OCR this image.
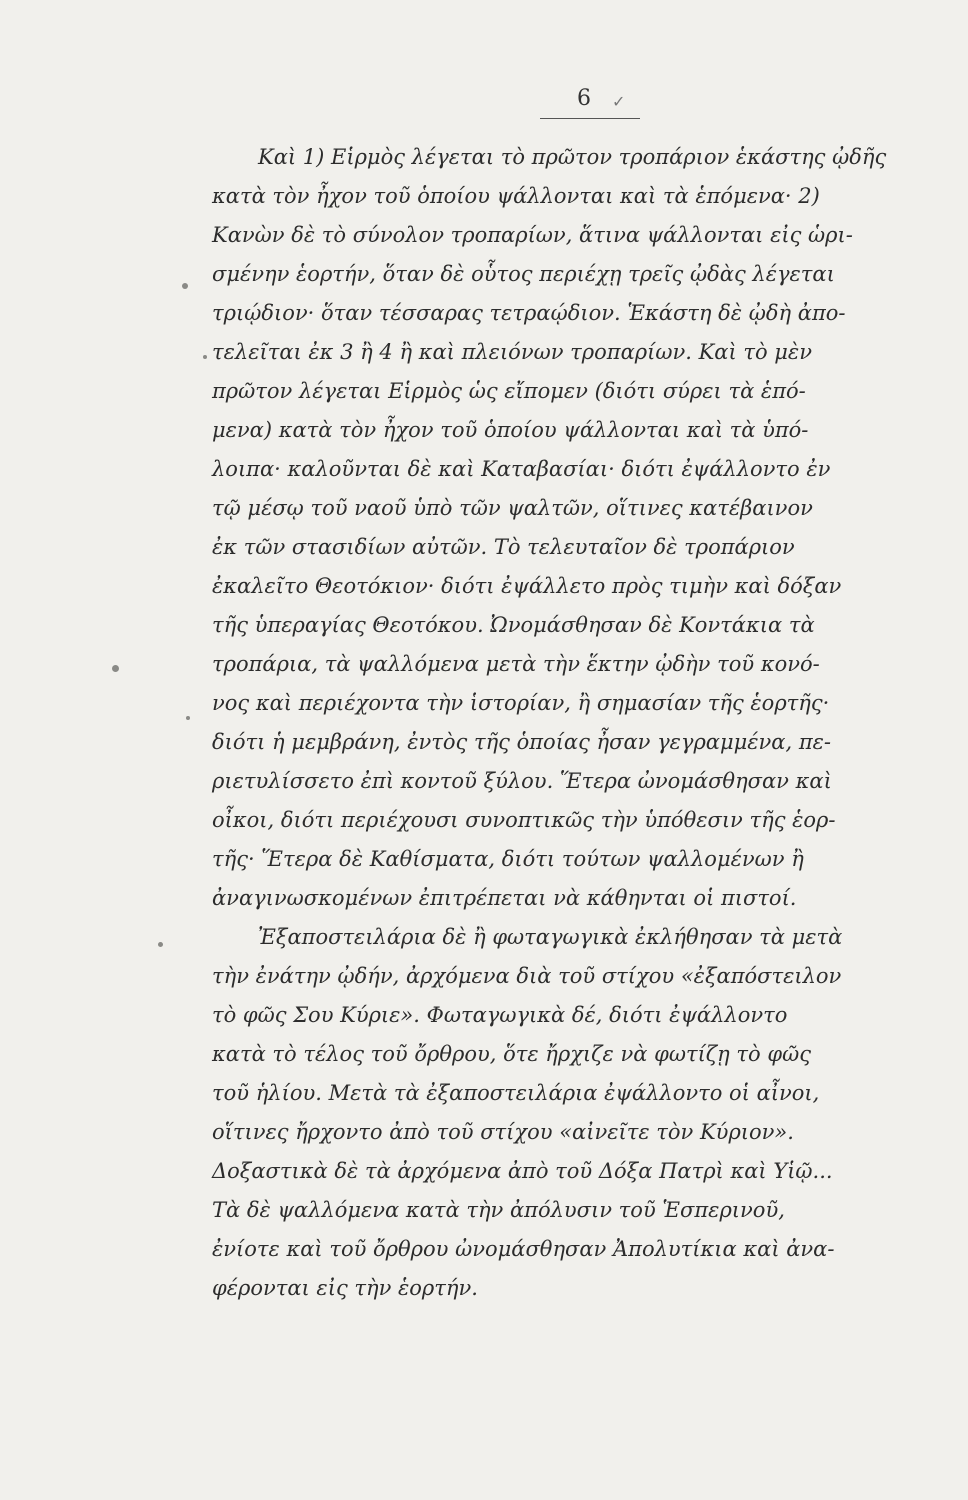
6 ✓
Καὶ 1) Εἱρμὸς λέγεται τὸ πρῶτον τροπάριον ἑκάστης ᾠδῆς
κατὰ τὸν ἦχον τοῦ ὁποίου ψάλλονται καὶ τὰ ἑπόμενα· 2)
Κανὼν δὲ τὸ σύνολον τροπαρίων, ἅτινα ψάλλονται εἰς ὡρι-
σμένην ἑορτήν, ὅταν δὲ οὗτος περιέχῃ τρεῖς ᾠδὰς λέγεται
τριῴδιον· ὅταν τέσσαρας τετραῴδιον. Ἑκάστη δὲ ᾠδὴ ἀπο-
τελεῖται ἐκ 3 ἢ 4 ἢ καὶ πλειόνων τροπαρίων. Καὶ τὸ μὲν
πρῶτον λέγεται Εἱρμὸς ὡς εἴπομεν (διότι σύρει τὰ ἑπό-
μενα) κατὰ τὸν ἦχον τοῦ ὁποίου ψάλλονται καὶ τὰ ὑπό-
λοιπα· καλοῦνται δὲ καὶ Καταβασίαι· διότι ἐψάλλοντο ἐν
τῷ μέσῳ τοῦ ναοῦ ὑπὸ τῶν ψαλτῶν, οἵτινες κατέβαινον
ἐκ τῶν στασιδίων αὐτῶν. Τὸ τελευταῖον δὲ τροπάριον
ἐκαλεῖτο Θεοτόκιον· διότι ἐψάλλετο πρὸς τιμὴν καὶ δόξαν
τῆς ὑπεραγίας Θεοτόκου. Ὠνομάσθησαν δὲ Κοντάκια τὰ
τροπάρια, τὰ ψαλλόμενα μετὰ τὴν ἕκτην ᾠδὴν τοῦ κονό-
νος καὶ περιέχοντα τὴν ἱστορίαν, ἢ σημασίαν τῆς ἑορτῆς·
διότι ἡ μεμβράνη, ἐντὸς τῆς ὁποίας ἦσαν γεγραμμένα, πε-
ριετυλίσσετο ἐπὶ κοντοῦ ξύλου. Ἕτερα ὠνομάσθησαν καὶ
οἶκοι, διότι περιέχουσι συνοπτικῶς τὴν ὑπόθεσιν τῆς ἑορ-
τῆς· Ἕτερα δὲ Καθίσματα, διότι τούτων ψαλλομένων ἢ
ἀναγινωσκομένων ἐπιτρέπεται νὰ κάθηνται οἱ πιστοί.
Ἐξαποστειλάρια δὲ ἢ φωταγωγικὰ ἐκλήθησαν τὰ μετὰ
τὴν ἐνάτην ᾠδήν, ἀρχόμενα διὰ τοῦ στίχου «ἐξαπόστειλον
τὸ φῶς Σου Κύριε». Φωταγωγικὰ δέ, διότι ἐψάλλοντο
κατὰ τὸ τέλος τοῦ ὄρθρου, ὅτε ἤρχιζε νὰ φωτίζῃ τὸ φῶς
τοῦ ἡλίου. Μετὰ τὰ ἐξαποστειλάρια ἐψάλλοντο οἱ αἶνοι,
οἵτινες ἤρχοντο ἀπὸ τοῦ στίχου «αἰνεῖτε τὸν Κύριον».
Δοξαστικὰ δὲ τὰ ἀρχόμενα ἀπὸ τοῦ Δόξα Πατρὶ καὶ Υἱῷ...
Τὰ δὲ ψαλλόμενα κατὰ τὴν ἀπόλυσιν τοῦ Ἑσπερινοῦ,
ἐνίοτε καὶ τοῦ ὄρθρου ὠνομάσθησαν Ἀπολυτίκια καὶ ἀνα-
φέρονται εἰς τὴν ἑορτήν.
